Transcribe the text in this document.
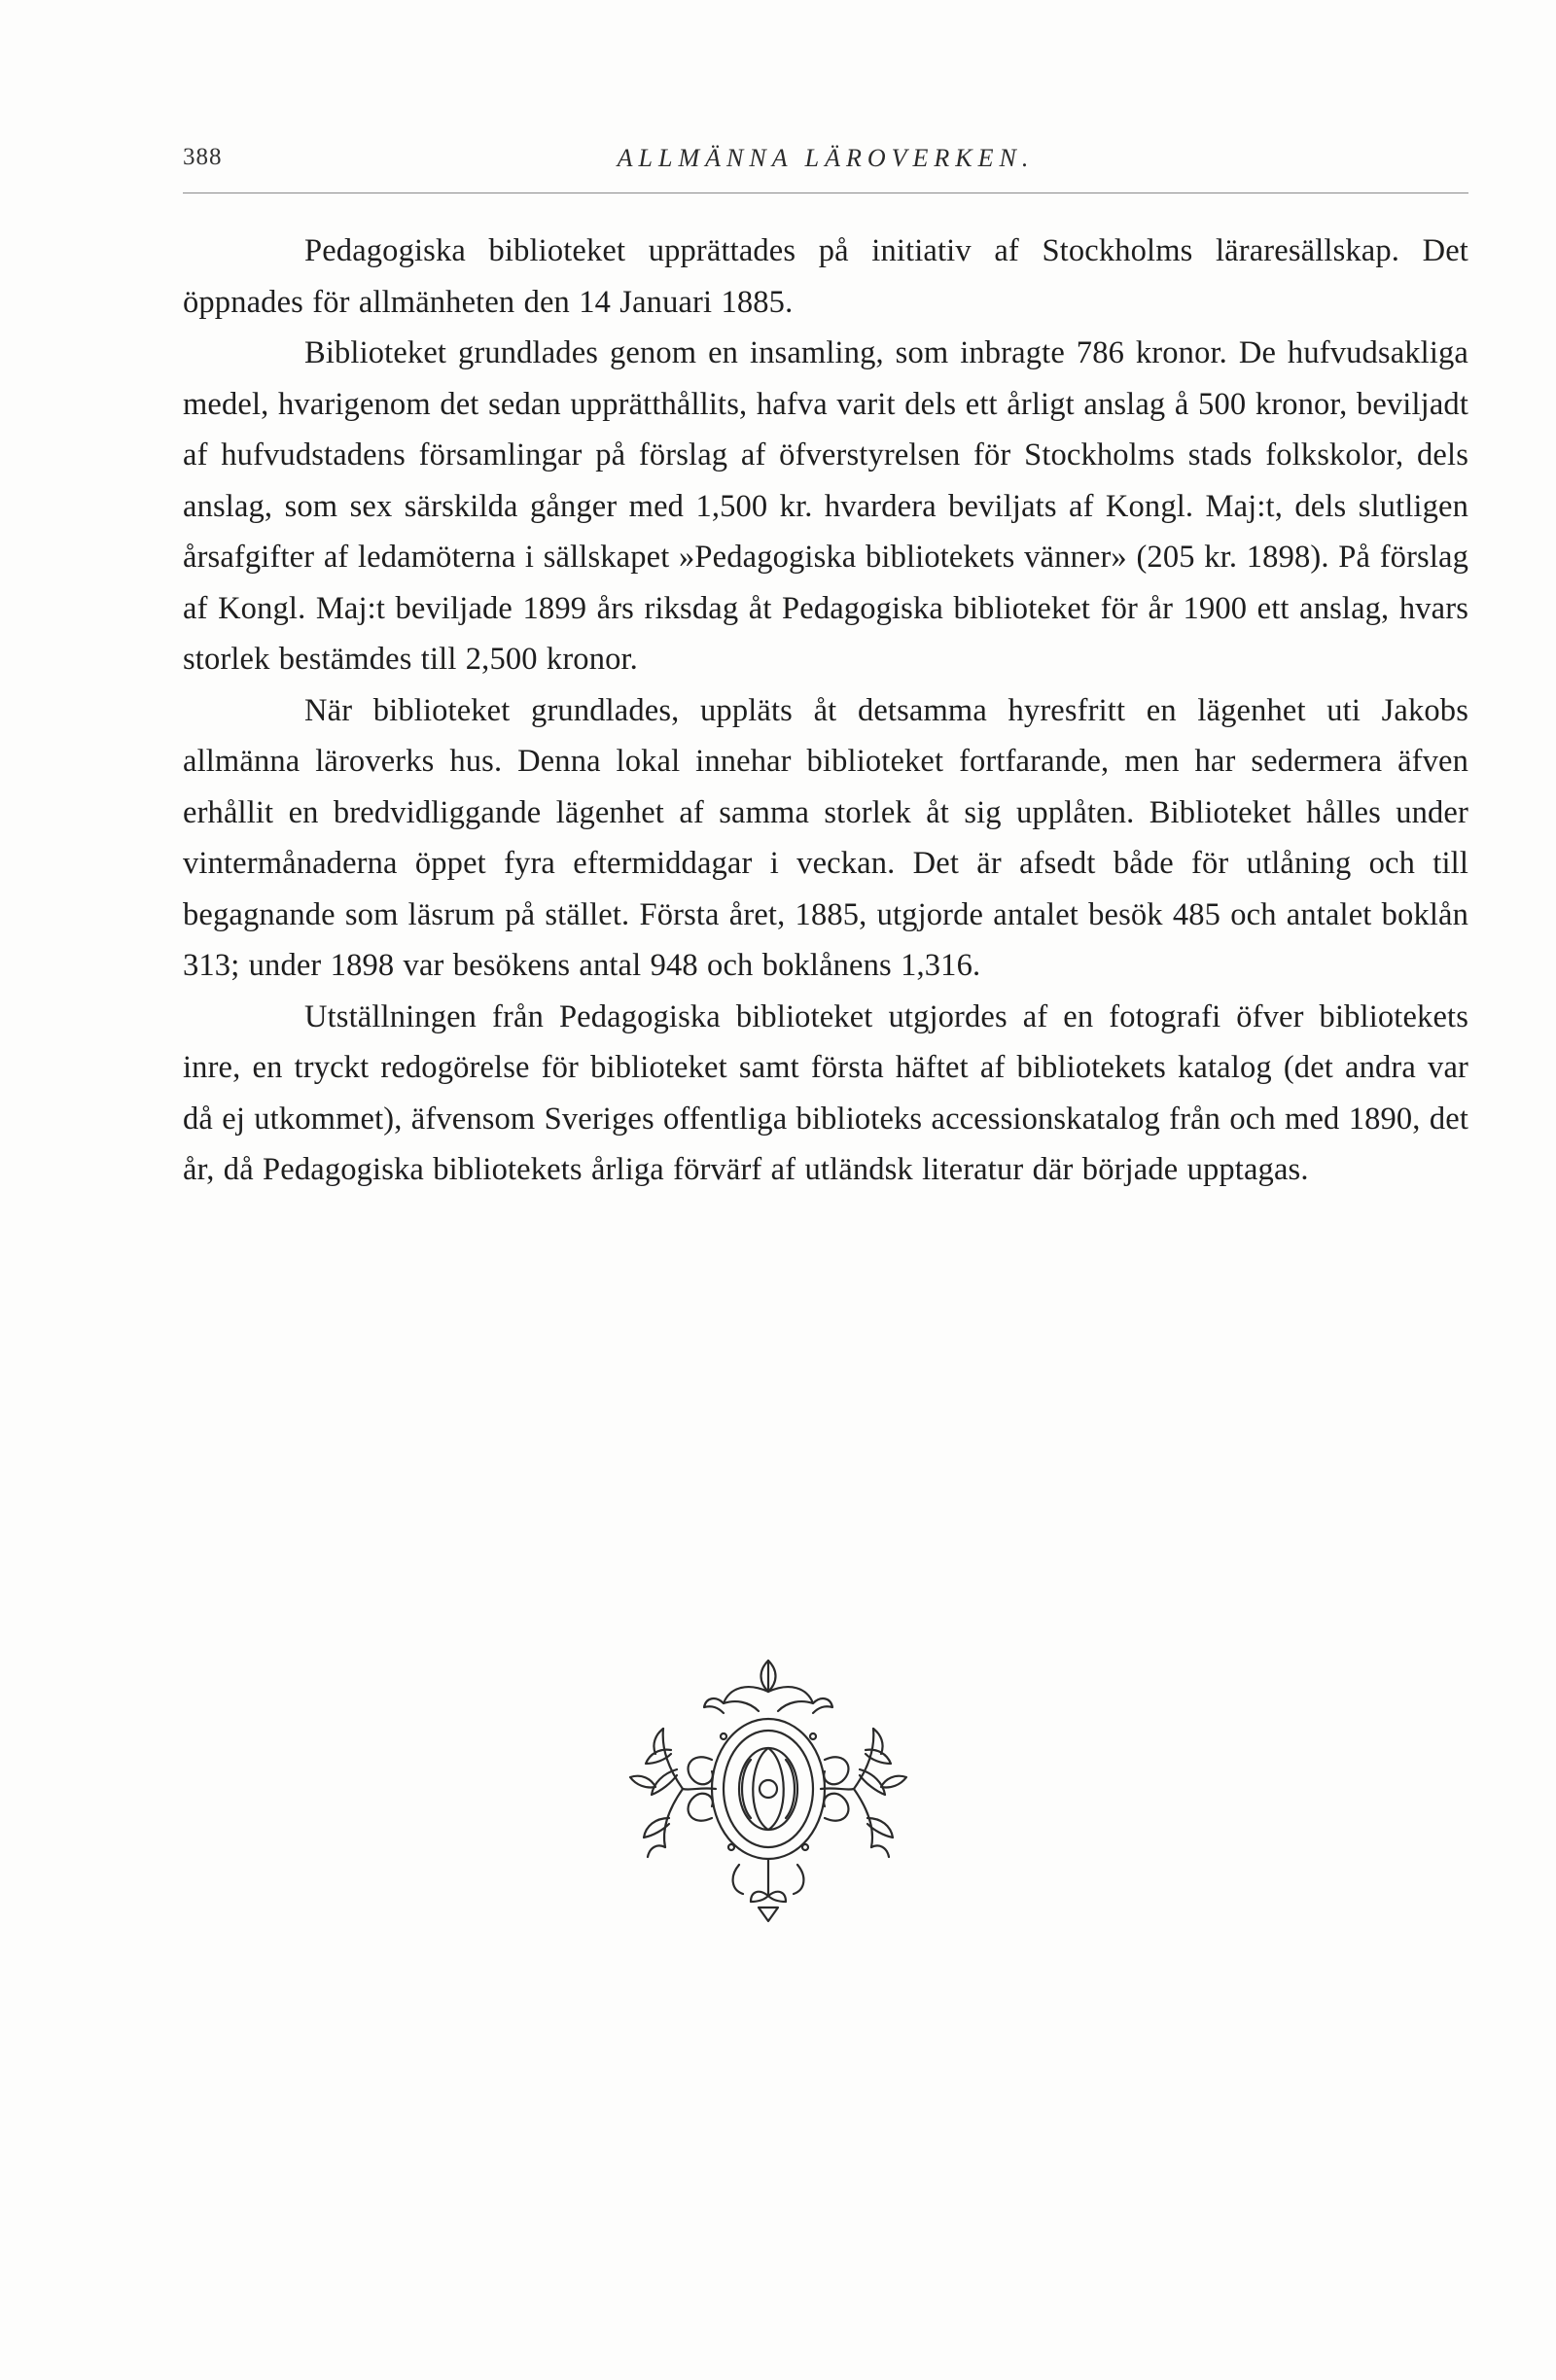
388	ALLMÄNNA LÄROVERKEN.

Pedagogiska biblioteket upprättades på initiativ af Stockholms läraresällskap. Det öppnades för allmänheten den 14 Januari 1885.

Biblioteket grundlades genom en insamling, som inbragte 786 kronor. De hufvudsakliga medel, hvarigenom det sedan upprätthållits, hafva varit dels ett årligt anslag å 500 kronor, beviljadt af hufvudstadens församlingar på förslag af öfverstyrelsen för Stockholms stads folkskolor, dels anslag, som sex särskilda gånger med 1,500 kr. hvardera beviljats af Kongl. Maj:t, dels slutligen årsafgifter af ledamöterna i sällskapet »Pedagogiska bibliotekets vänner» (205 kr. 1898). På förslag af Kongl. Maj:t beviljade 1899 års riksdag åt Pedagogiska biblioteket för år 1900 ett anslag, hvars storlek bestämdes till 2,500 kronor.

När biblioteket grundlades, uppläts åt detsamma hyresfritt en lägenhet uti Jakobs allmänna läroverks hus. Denna lokal innehar biblioteket fortfarande, men har sedermera äfven erhållit en bredvidliggande lägenhet af samma storlek åt sig upplåten. Biblioteket hålles under vintermånaderna öppet fyra eftermiddagar i veckan. Det är afsedt både för utlåning och till begagnande som läsrum på stället. Första året, 1885, utgjorde antalet besök 485 och antalet boklån 313; under 1898 var besökens antal 948 och boklånens 1,316.

Utställningen från Pedagogiska biblioteket utgjordes af en fotografi öfver bibliotekets inre, en tryckt redogörelse för biblioteket samt första häftet af bibliotekets katalog (det andra var då ej utkommet), äfvensom Sveriges offentliga biblioteks accessionskatalog från och med 1890, det år, då Pedagogiska bibliotekets årliga förvärf af utländsk literatur där började upptagas.
